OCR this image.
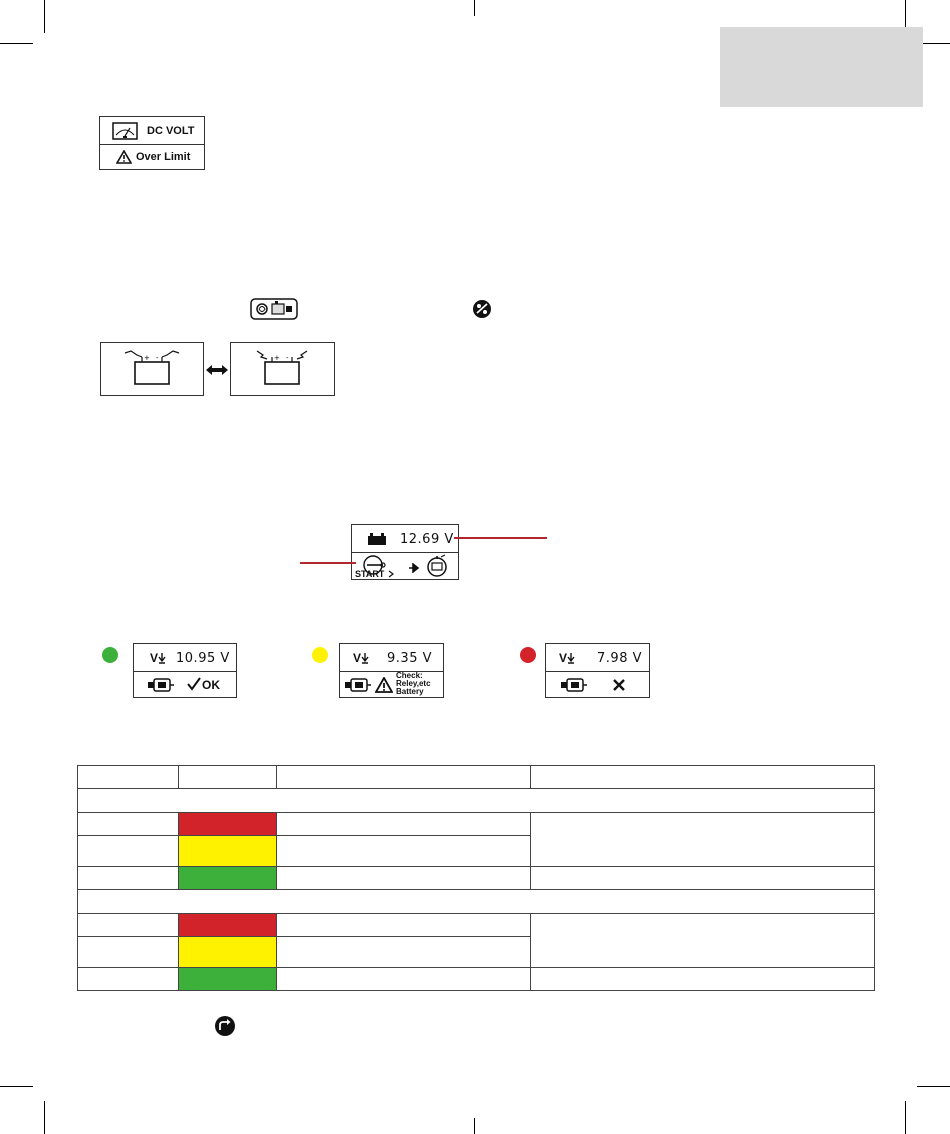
DC VOLT
Over Limit
+ -	+ -
12.69 V
START
V 10.95 V
OK
V 9.35 V
Check:
Reley,etc
Battery
V 7.98 V
